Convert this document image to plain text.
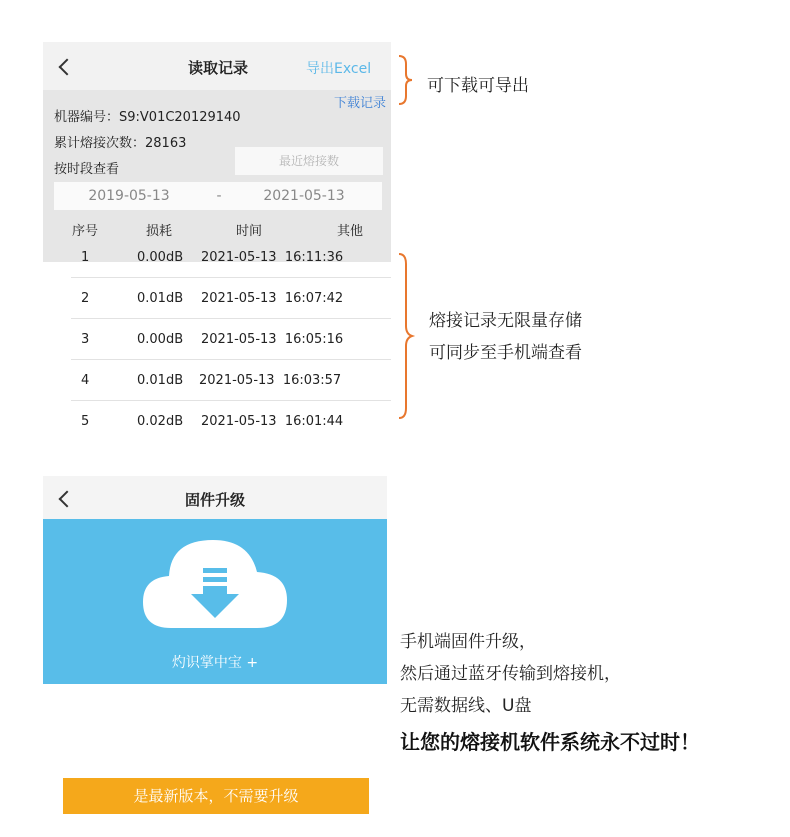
读取记录	导出Excel
下载记录
机器编号：S9:V01C20129140
累计熔接次数：28163
按时段查看
最近熔接数
2019-05-13	-	2021-05-13
序号	损耗	时间	其他
1	0.00dB 2021-05-13  16:11:36
2	0.01dB 2021-05-13  16:07:42
3	0.00dB 2021-05-13  16:05:16
4	0.01dB 2021-05-13  16:03:57
5	0.02dB 2021-05-13  16:01:44
可下载可导出
熔接记录无限量存储
可同步至手机端查看
固件升级
灼识掌中宝 +
是最新版本，不需要升级
手机端固件升级，
然后通过蓝牙传输到熔接机，
无需数据线、U盘
让您的熔接机软件系统永不过时！
